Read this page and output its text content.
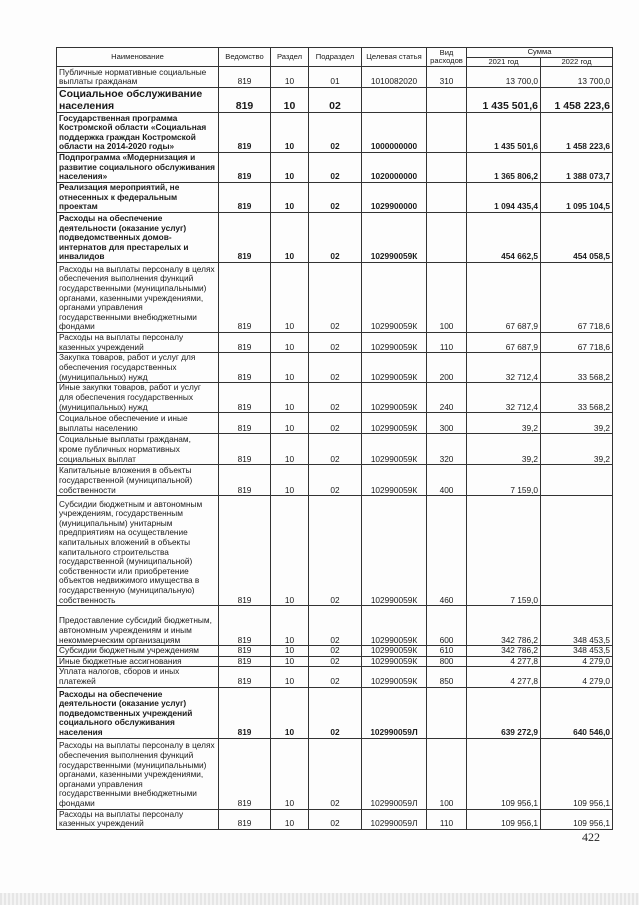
Наименование	Ведомство	Раздел	Подраздел	Целевая статья	Вид расходов	Сумма	
						2021 год	2022 год
Публичные нормативные социальные выплаты гражданам	819	10	01	1010082020	310	13 700,0	13 700,0
Социальное обслуживание населения	819	10	02			1 435 501,6	1 458 223,6
Государственная программа Костромской области «Социальная поддержка граждан Костромской области на 2014-2020 годы»	819	10	02	1000000000		1 435 501,6	1 458 223,6
Подпрограмма «Модернизация и развитие социального обслуживания населения»	819	10	02	1020000000		1 365 806,2	1 388 073,7
Реализация мероприятий, не отнесенных к федеральным проектам	819	10	02	1029900000		1 094 435,4	1 095 104,5
Расходы на обеспечение деятельности (оказание услуг) подведомственных домов-интернатов для престарелых и инвалидов	819	10	02	102990059К		454 662,5	454 058,5
Расходы на выплаты персоналу в целях обеспечения выполнения функций государственными (муниципальными) органами, казенными учреждениями, органами управления государственными внебюджетными фондами	819	10	02	102990059К	100	67 687,9	67 718,6
Расходы на выплаты персоналу казенных учреждений	819	10	02	102990059К	110	67 687,9	67 718,6
Закупка товаров, работ и услуг для обеспечения государственных (муниципальных) нужд	819	10	02	102990059К	200	32 712,4	33 568,2
Иные закупки товаров, работ и услуг для обеспечения государственных (муниципальных) нужд	819	10	02	102990059К	240	32 712,4	33 568,2
Социальное обеспечение и иные выплаты населению	819	10	02	102990059К	300	39,2	39,2
Социальные выплаты гражданам, кроме публичных нормативных социальных выплат	819	10	02	102990059К	320	39,2	39,2
Капитальные вложения в объекты государственной (муниципальной) собственности	819	10	02	102990059К	400	7 159,0	
Субсидии бюджетным и автономным учреждениям, государственным (муниципальным) унитарным предприятиям на осуществление капитальных вложений в объекты капитального строительства государственной (муниципальной) собственности или приобретение объектов недвижимого имущества в государственную (муниципальную) собственность	819	10	02	102990059К	460	7 159,0	
Предоставление субсидий бюджетным, автономным учреждениям и иным некоммерческим организациям	819	10	02	102990059К	600	342 786,2	348 453,5
Субсидии бюджетным учреждениям	819	10	02	102990059К	610	342 786,2	348 453,5
Иные бюджетные ассигнования	819	10	02	102990059К	800	4 277,8	4 279,0
Уплата налогов, сборов и иных платежей	819	10	02	102990059К	850	4 277,8	4 279,0
Расходы на обеспечение деятельности (оказание услуг) подведомственных учреждений социального обслуживания населения	819	10	02	102990059Л		639 272,9	640 546,0
Расходы на выплаты персоналу в целях обеспечения выполнения функций государственными (муниципальными) органами, казенными учреждениями, органами управления государственными внебюджетными фондами	819	10	02	102990059Л	100	109 956,1	109 956,1
Расходы на выплаты персоналу казенных учреждений	819	10	02	102990059Л	110	109 956,1	109 956,1
422
